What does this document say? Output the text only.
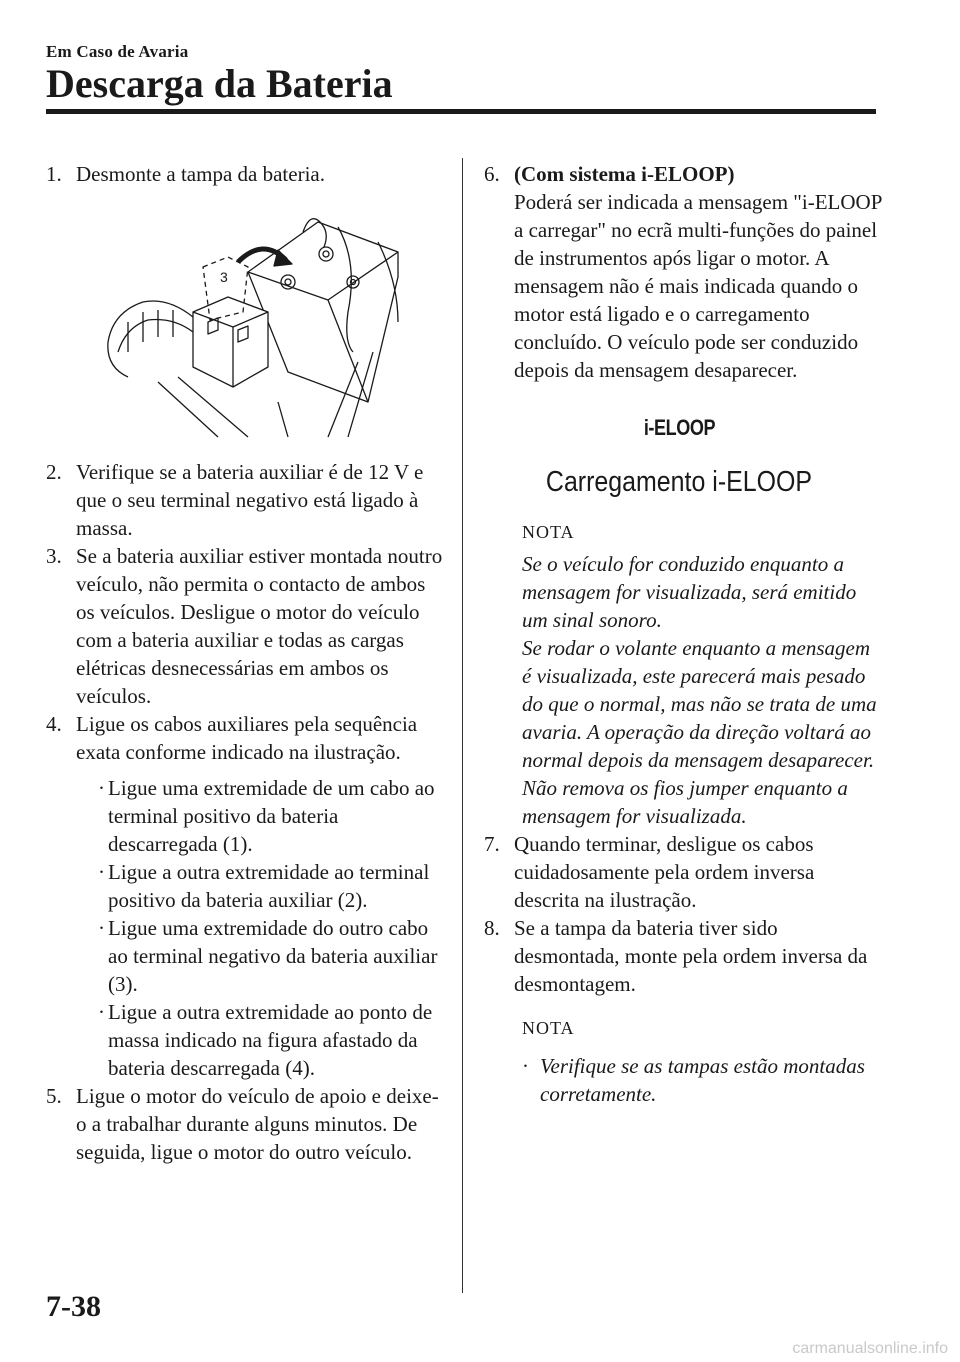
Em Caso de Avaria
Descarga da Bateria
1. Desmonte a tampa da bateria.
3
2. Verifique se a bateria auxiliar é de 12 V e que o seu terminal negativo está ligado à massa.
3. Se a bateria auxiliar estiver montada noutro veículo, não permita o contacto de ambos os veículos. Desligue o motor do veículo com a bateria auxiliar e todas as cargas elétricas desnecessárias em ambos os veículos.
4. Ligue os cabos auxiliares pela sequência exata conforme indicado na ilustração.
· Ligue uma extremidade de um cabo ao terminal positivo da bateria descarregada (1).
· Ligue a outra extremidade ao terminal positivo da bateria auxiliar (2).
· Ligue uma extremidade do outro cabo ao terminal negativo da bateria auxiliar (3).
· Ligue a outra extremidade ao ponto de massa indicado na figura afastado da bateria descarregada (4).
5. Ligue o motor do veículo de apoio e deixe-o a trabalhar durante alguns minutos. De seguida, ligue o motor do outro veículo.
6. (Com sistema i-ELOOP)
Poderá ser indicada a mensagem "i-ELOOP a carregar" no ecrã multi-funções do painel de instrumentos após ligar o motor. A mensagem não é mais indicada quando o motor está ligado e o carregamento concluído. O veículo pode ser conduzido depois da mensagem desaparecer.
i-ELOOP
Carregamento i-ELOOP
NOTA
Se o veículo for conduzido enquanto a mensagem for visualizada, será emitido um sinal sonoro.
Se rodar o volante enquanto a mensagem é visualizada, este parecerá mais pesado do que o normal, mas não se trata de uma avaria. A operação da direção voltará ao normal depois da mensagem desaparecer. Não remova os fios jumper enquanto a mensagem for visualizada.
7. Quando terminar, desligue os cabos cuidadosamente pela ordem inversa descrita na ilustração.
8. Se a tampa da bateria tiver sido desmontada, monte pela ordem inversa da desmontagem.
NOTA
· Verifique se as tampas estão montadas corretamente.
7-38
carmanualsonline.info
